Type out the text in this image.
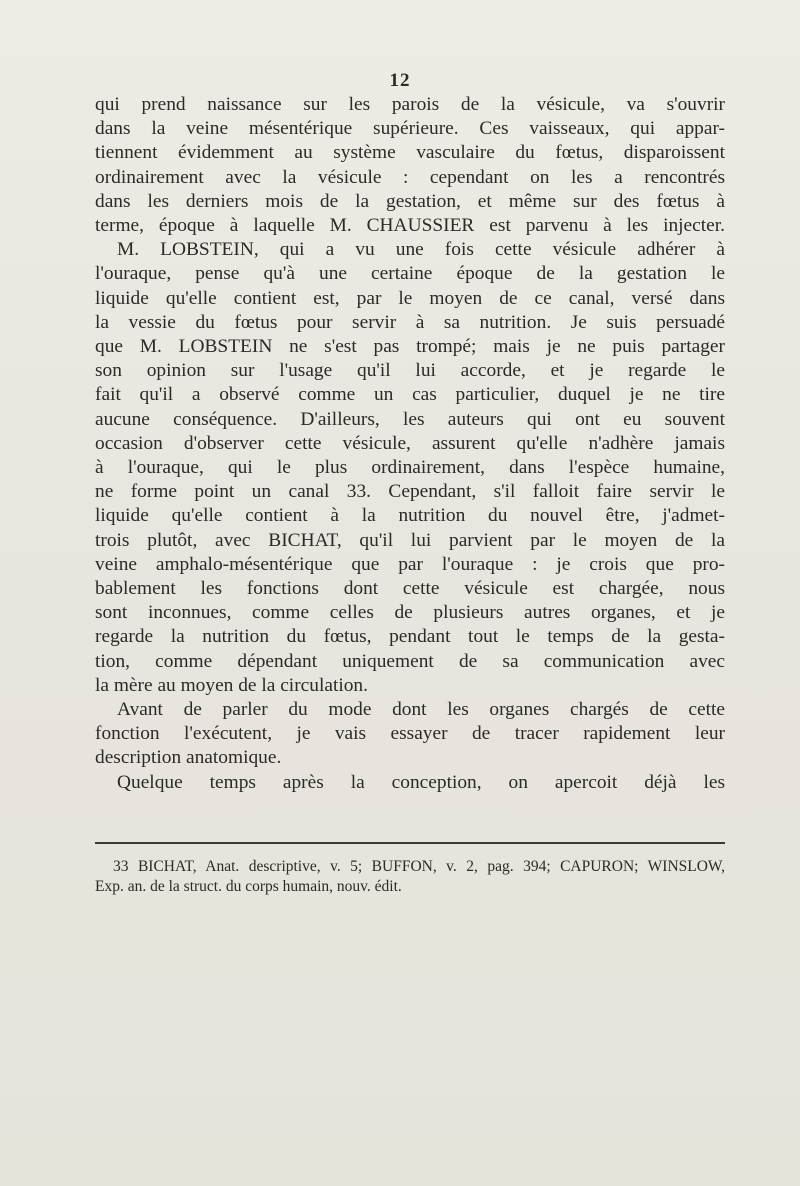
12

qui prend naissance sur les parois de la vésicule, va s'ouvrir
dans la veine mésentérique supérieure. Ces vaisseaux, qui appar-
tiennent évidemment au système vasculaire du fœtus, disparoissent
ordinairement avec la vésicule : cependant on les a rencontrés
dans les derniers mois de la gestation, et même sur des fœtus à
terme, époque à laquelle M. CHAUSSIER est parvenu à les injecter.

M. LOBSTEIN, qui a vu une fois cette vésicule adhérer à
l'ouraque, pense qu'à une certaine époque de la gestation le
liquide qu'elle contient est, par le moyen de ce canal, versé dans
la vessie du fœtus pour servir à sa nutrition. Je suis persuadé
que M. LOBSTEIN ne s'est pas trompé; mais je ne puis partager
son opinion sur l'usage qu'il lui accorde, et je regarde le
fait qu'il a observé comme un cas particulier, duquel je ne tire
aucune conséquence. D'ailleurs, les auteurs qui ont eu souvent
occasion d'observer cette vésicule, assurent qu'elle n'adhère jamais
à l'ouraque, qui le plus ordinairement, dans l'espèce humaine,
ne forme point un canal 33. Cependant, s'il falloit faire servir le
liquide qu'elle contient à la nutrition du nouvel être, j'admet-
trois plutôt, avec BICHAT, qu'il lui parvient par le moyen de la
veine amphalo-mésentérique que par l'ouraque : je crois que pro-
bablement les fonctions dont cette vésicule est chargée, nous
sont inconnues, comme celles de plusieurs autres organes, et je
regarde la nutrition du fœtus, pendant tout le temps de la gesta-
tion, comme dépendant uniquement de sa communication avec
la mère au moyen de la circulation.

Avant de parler du mode dont les organes chargés de cette
fonction l'exécutent, je vais essayer de tracer rapidement leur
description anatomique.

Quelque temps après la conception, on apercoit déjà les

33 BICHAT, Anat. descriptive, v. 5; BUFFON, v. 2, pag. 394; CAPURON; WINSLOW,
Exp. an. de la struct. du corps humain, nouv. édit.
